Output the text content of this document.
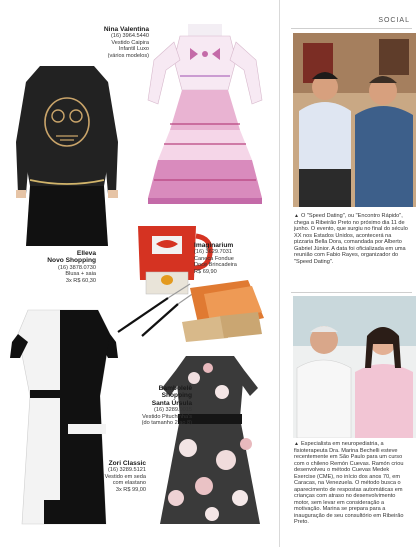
SOCIAL
Nina Valentina
(16) 3964.5440
Vestido Caipira
Infantil Luxo
(vários modelos)
Elleva
Novo Shopping
(16) 3878.0730
Blusa + saia
3x R$ 60,30
Imaginarium
(16) 3629.7031
Caneca Fondue
Doce Brincadeira
R$ 69,90
Zori Classic
(16) 3289.5121
Vestido em seda
com elastano
3x R$ 99,00
Bambolelê
Shopping
Santa Úrsula
(16) 3289.0015
Vestido Pituchinha's
(do tamanho 2 ao 8)
▲ O "Speed Dating", ou "Encontro Rápido", chega a Ribeirão Preto no próximo dia 11 de junho. O evento, que surgiu no final do século XX nos Estados Unidos, acontecerá na pizzaria Bella Dora, comandada por Alberto Gabriel Júnior. A data foi oficializada em uma reunião com Fabio Rayes, organizador do "Speed Dating".
▲ Especialista em neuropediatria, a fisioterapeuta Dra. Marina Bechelli esteve recentemente em São Paulo para um curso com o chileno Remón Cuevas. Ramón criou desenvolveu o método Cuevas Medek Exercise (CME), no início dos anos 70, em Caracas, na Venezuela. O método busca o aparecimento de respostas automáticas em crianças com atraso no desenvolvimento motor, sem levar em consideração a motivação. Marina se prepara para a inauguração de seu consultório em Ribeirão Preto.
